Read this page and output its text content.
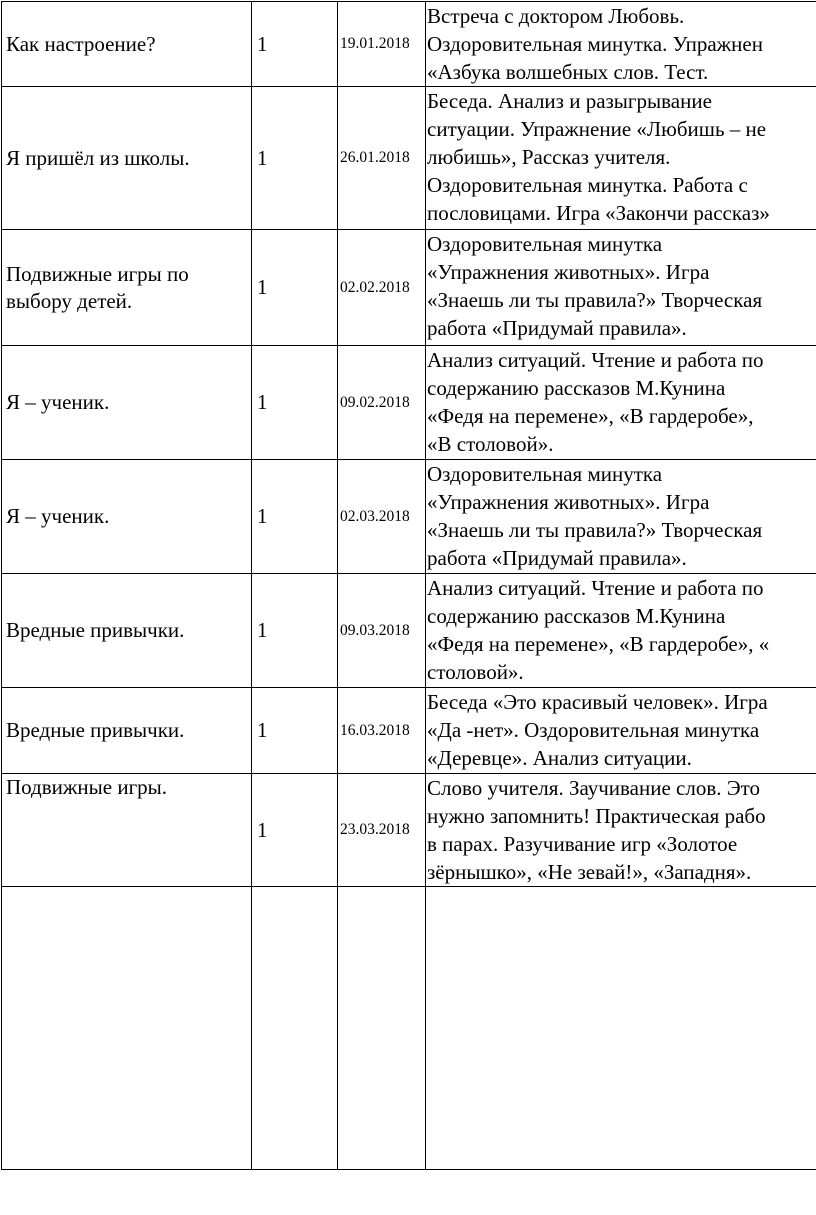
Как настроение?	1	19.01.2018	Встреча с доктором Любовь.
Оздоровительная минутка. Упражнен
«Азбука волшебных слов. Тест.
Я пришёл из школы.	1	26.01.2018	Беседа. Анализ и разыгрывание
ситуации. Упражнение «Любишь – не
любишь», Рассказ учителя.
Оздоровительная минутка. Работа с
пословицами. Игра «Закончи рассказ»
Подвижные игры по выбору детей.	1	02.02.2018	Оздоровительная минутка
«Упражнения животных». Игра
«Знаешь ли ты правила?» Творческая
работа «Придумай правила».
Я – ученик.	1	09.02.2018	Анализ ситуаций. Чтение и работа по
содержанию рассказов М.Кунина
«Федя на перемене», «В гардеробе»,
«В столовой».
Я – ученик.	1	02.03.2018	Оздоровительная минутка
«Упражнения животных». Игра
«Знаешь ли ты правила?» Творческая
работа «Придумай правила».
Вредные привычки.	1	09.03.2018	Анализ ситуаций. Чтение и работа по
содержанию рассказов М.Кунина
«Федя на перемене», «В гардеробе», «
столовой».
Вредные привычки.	1	16.03.2018	Беседа «Это красивый человек». Игра
«Да -нет». Оздоровительная минутка
«Деревце». Анализ ситуации.
Подвижные игры.	1	23.03.2018	Слово учителя. Заучивание слов. Это
нужно запомнить! Практическая рабо
в парах. Разучивание игр «Золотое
зёрнышко», «Не зевай!», «Западня».
